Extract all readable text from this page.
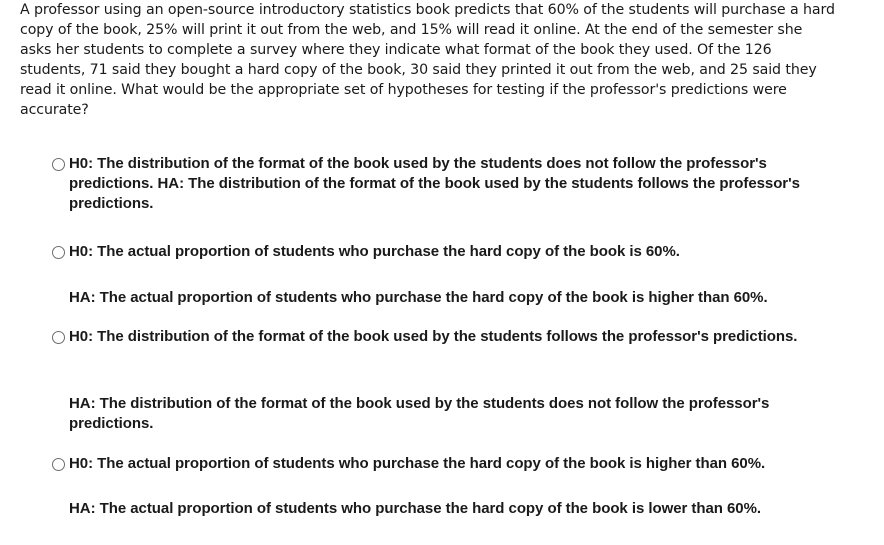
A professor using an open-source introductory statistics book predicts that 60% of the students will purchase a hard copy of the book, 25% will print it out from the web, and 15% will read it online. At the end of the semester she asks her students to complete a survey where they indicate what format of the book they used. Of the 126 students, 71 said they bought a hard copy of the book, 30 said they printed it out from the web, and 25 said they read it online. What would be the appropriate set of hypotheses for testing if the professor's predictions were accurate?
H0: The distribution of the format of the book used by the students does not follow the professor's predictions. HA: The distribution of the format of the book used by the students follows the professor's predictions.
H0: The actual proportion of students who purchase the hard copy of the book is 60%.
HA: The actual proportion of students who purchase the hard copy of the book is higher than 60%.
H0: The distribution of the format of the book used by the students follows the professor's predictions.
HA: The distribution of the format of the book used by the students does not follow the professor's predictions.
H0: The actual proportion of students who purchase the hard copy of the book is higher than 60%.
HA: The actual proportion of students who purchase the hard copy of the book is lower than 60%.
